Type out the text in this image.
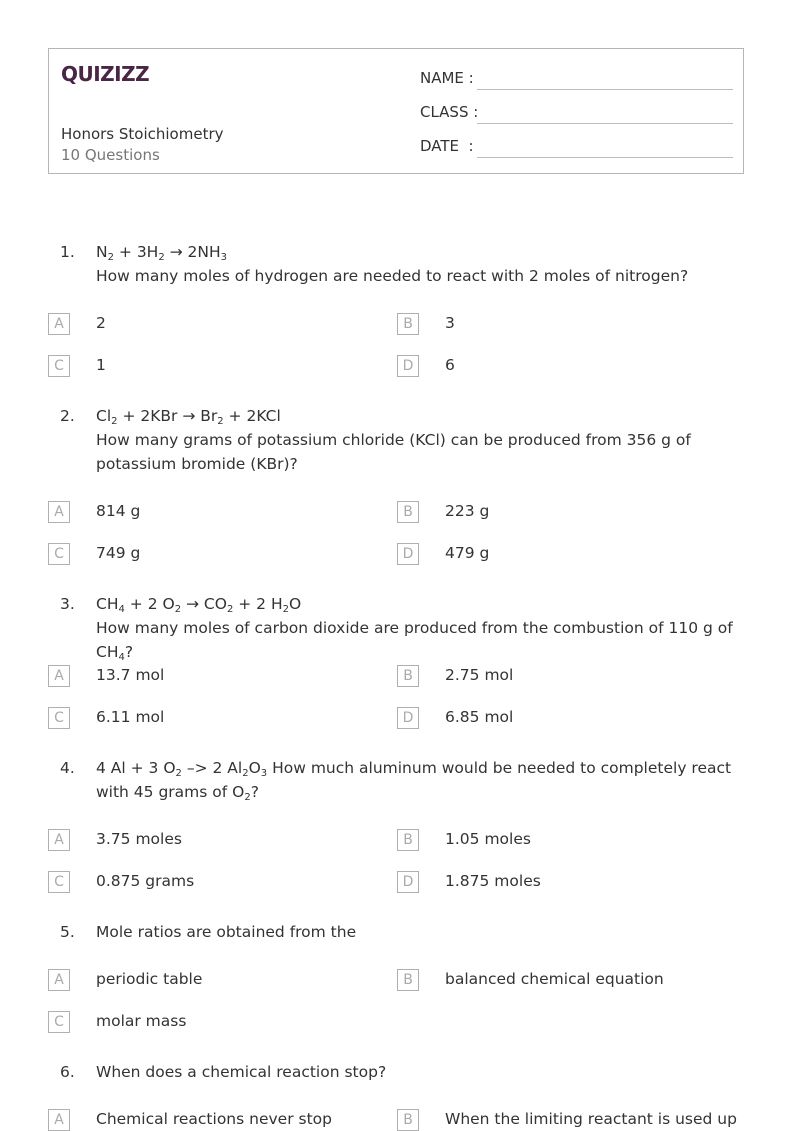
QUIZIZZ
Honors Stoichiometry
10 Questions
NAME :
CLASS :
DATE  :
1. $N_2 + 3H_2 \to 2NH_3$
How many moles of hydrogen are needed to react with 2 moles of nitrogen?
A	2	B	3
C	1	D	6
2. $Cl_2 + 2KBr \to Br_2 + 2KCl$
How many grams of potassium chloride (KCl) can be produced from 356 g of potassium bromide (KBr)?
A	814 g	B	223 g
C	749 g	D	479 g
3. $CH_4 + 2$ $O_2 \to CO_2 + 2$ $H_2O$
How many moles of carbon dioxide are produced from the combustion of 110 g of $CH_4$?
A	13.7 mol	B	2.75 mol
C	6.11 mol	D	6.85 mol
4. 4 Al + 3 $O_2 -> 2$ $Al_2O_3$ How much aluminum would be needed to completely react with 45 grams of $O_2$?
A	3.75 moles	B	1.05 moles
C	0.875 grams	D	1.875 moles
5. Mole ratios are obtained from the
A	periodic table	B	balanced chemical equation
C	molar mass
6. When does a chemical reaction stop?
A	Chemical reactions never stop	B	When the limiting reactant is used up
